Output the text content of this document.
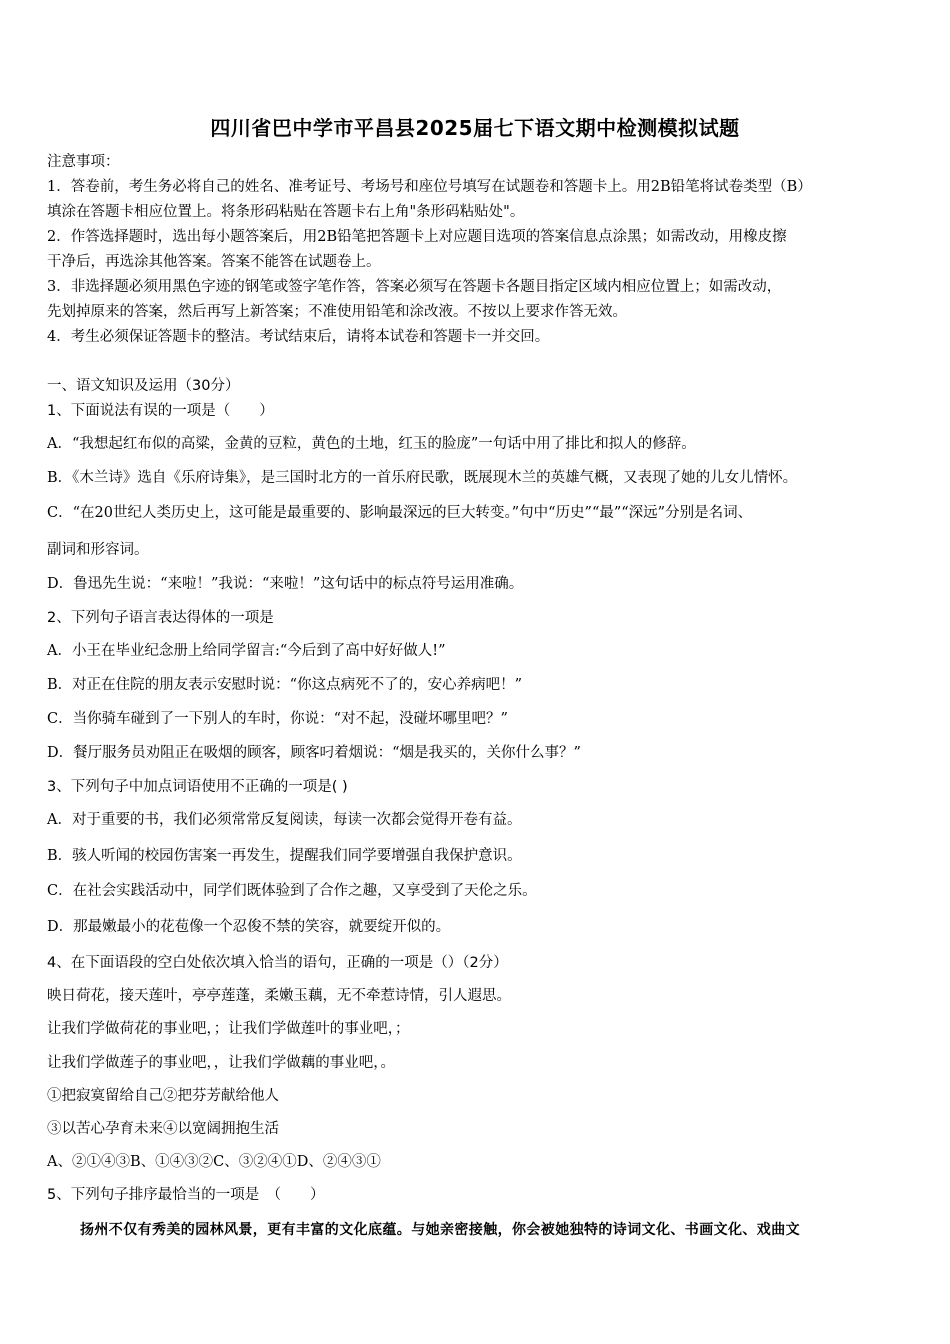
四川省巴中学市平昌县2025届七下语文期中检测模拟试题
注意事项：
1．答卷前，考生务必将自己的姓名、准考证号、考场号和座位号填写在试题卷和答题卡上。用2B铅笔将试卷类型（B）
填涂在答题卡相应位置上。将条形码粘贴在答题卡右上角"条形码粘贴处"。
2．作答选择题时，选出每小题答案后，用2B铅笔把答题卡上对应题目选项的答案信息点涂黑；如需改动，用橡皮擦
干净后，再选涂其他答案。答案不能答在试题卷上。
3．非选择题必须用黑色字迹的钢笔或签字笔作答，答案必须写在答题卡各题目指定区域内相应位置上；如需改动，
先划掉原来的答案，然后再写上新答案；不准使用铅笔和涂改液。不按以上要求作答无效。
4．考生必须保证答题卡的整洁。考试结束后，请将本试卷和答题卡一并交回。
一、语文知识及运用（30分）
1、下面说法有误的一项是（　　）
A．“我想起红布似的高粱，金黄的豆粒，黄色的土地，红玉的脸庞”一句话中用了排比和拟人的修辞。
B．《木兰诗》选自《乐府诗集》，是三国时北方的一首乐府民歌，既展现木兰的英雄气概，又表现了她的儿女儿情怀。
C．“在20世纪人类历史上，这可能是最重要的、影响最深远的巨大转变。”句中“历史”“最”“深远”分别是名词、
副词和形容词。
D．鲁迅先生说：“来啦！”我说：“来啦！”这句话中的标点符号运用准确。
2、下列句子语言表达得体的一项是
A．小王在毕业纪念册上给同学留言:“今后到了高中好好做人!”
B．对正在住院的朋友表示安慰时说：“你这点病死不了的，安心养病吧！”
C．当你骑车碰到了一下别人的车时，你说：“对不起，没碰坏哪里吧？”
D．餐厅服务员劝阻正在吸烟的顾客，顾客叼着烟说：“烟是我买的，关你什么事？”
3、下列句子中加点词语使用不正确的一项是( )
A．对于重要的书，我们必须常常反复阅读，每读一次都会觉得开卷有益。
B．骇人听闻的校园伤害案一再发生，提醒我们同学要增强自我保护意识。
C．在社会实践活动中，同学们既体验到了合作之趣，又享受到了天伦之乐。
D．那最嫩最小的花苞像一个忍俊不禁的笑容，就要绽开似的。
4、在下面语段的空白处依次填入恰当的语句，正确的一项是（）（2分）
映日荷花，接天莲叶，亭亭莲蓬，柔嫩玉藕，无不牵惹诗情，引人遐思。
让我们学做荷花的事业吧，；让我们学做莲叶的事业吧，；
让我们学做莲子的事业吧，，让我们学做藕的事业吧，。
①把寂寞留给自己②把芬芳献给他人
③以苦心孕育未来④以宽阔拥抱生活
A、②①④③B、①④③②C、③②④①D、②④③①
5、下列句子排序最恰当的一项是　（　　）
扬州不仅有秀美的园林风景，更有丰富的文化底蕴。与她亲密接触，你会被她独特的诗词文化、书画文化、戏曲文
